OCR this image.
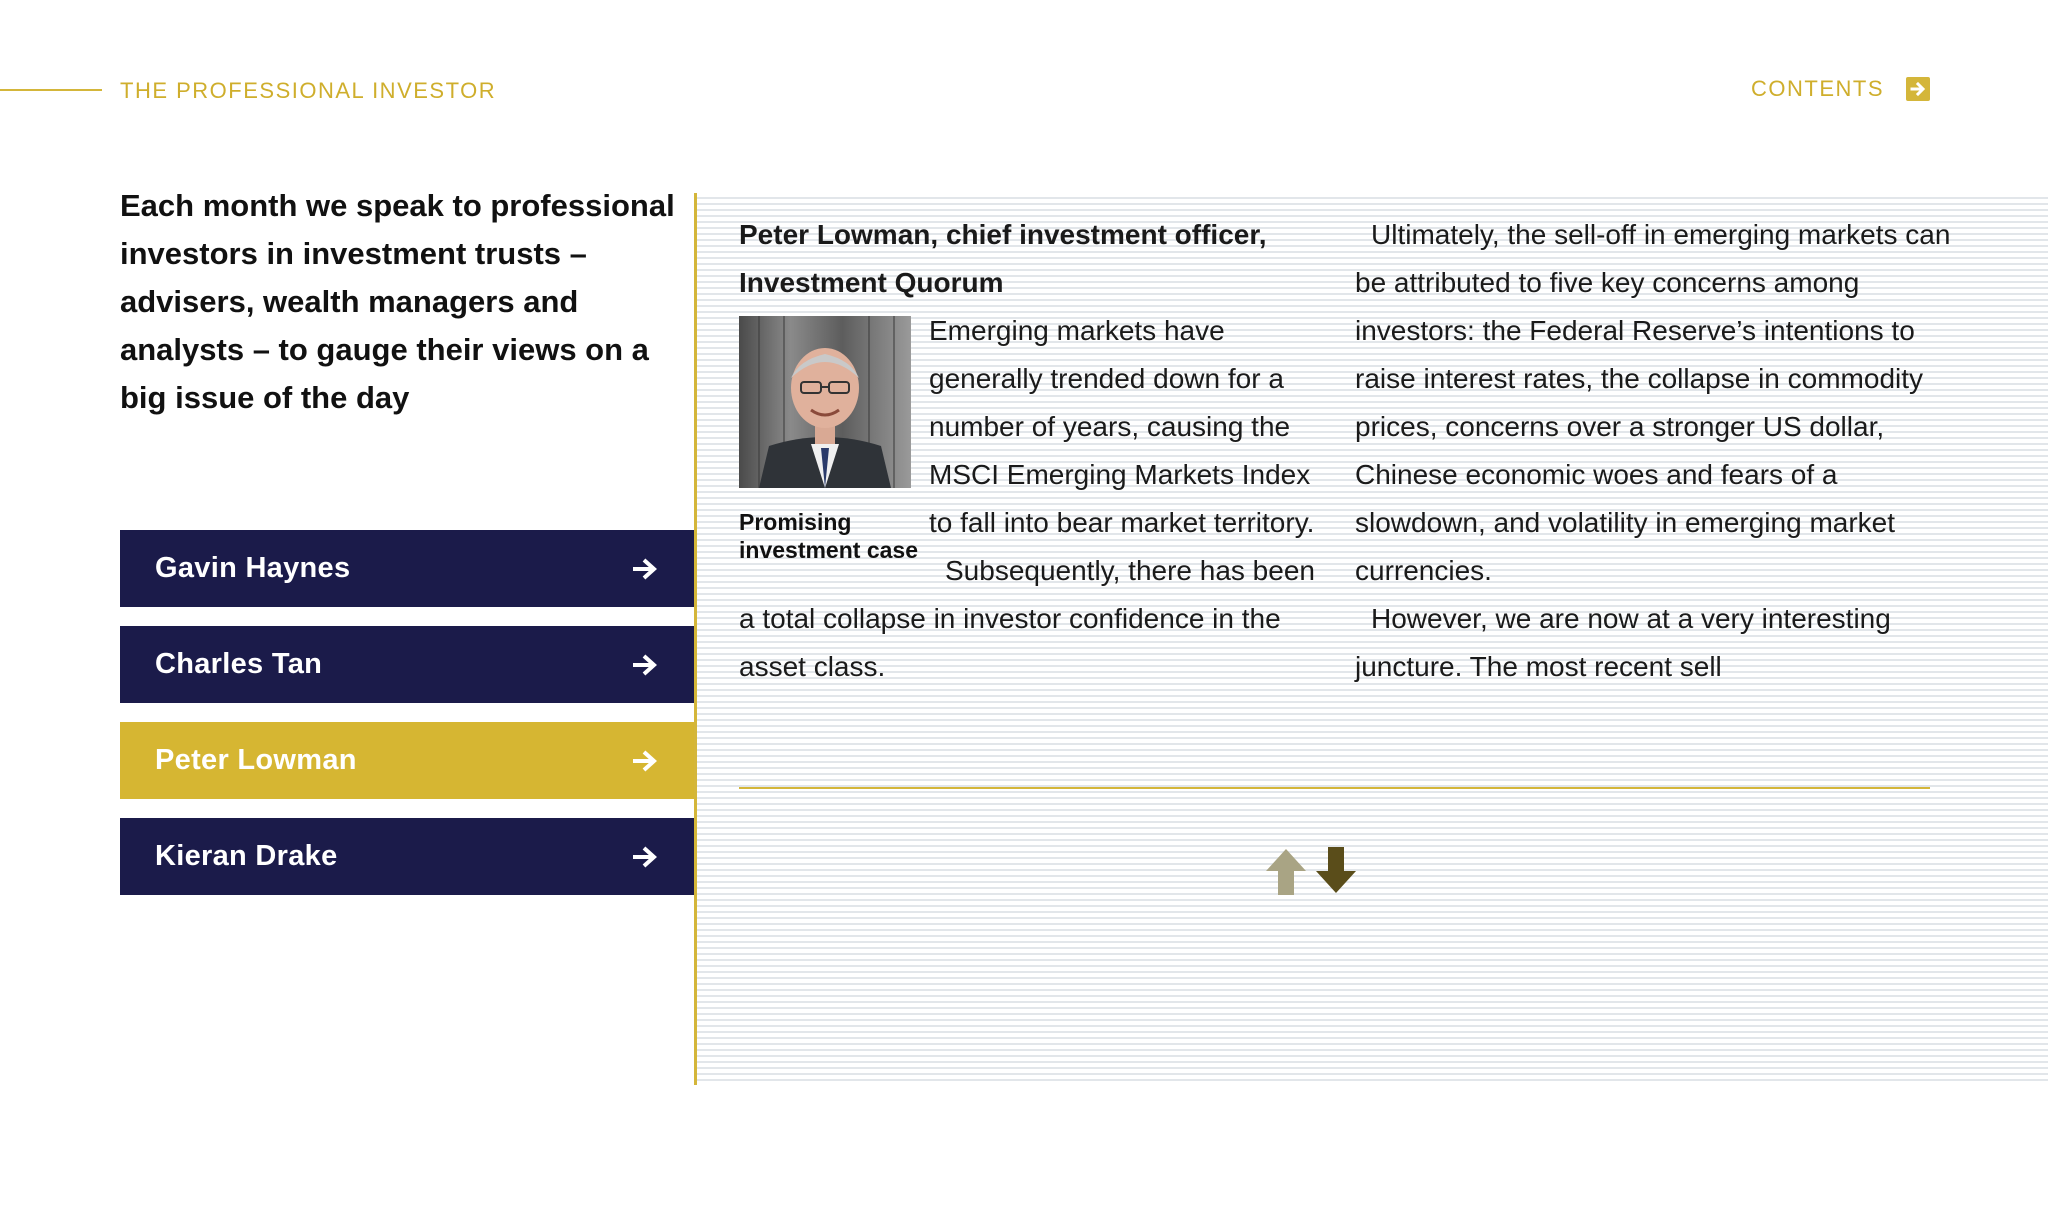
THE PROFESSIONAL INVESTOR	CONTENTS
Each month we speak to professional investors in investment trusts – advisers, wealth managers and analysts – to gauge their views on a big issue of the day
Gavin Haynes
Charles Tan
Peter Lowman
Kieran Drake
Peter Lowman, chief investment officer,
Investment Quorum
Promising investment case
Emerging markets have generally trended down for a number of years, causing the MSCI Emerging Markets Index to fall into bear market territory.
Subsequently, there has been a total collapse in investor confidence in the asset class.
Ultimately, the sell-off in emerging markets can be attributed to five key concerns among investors: the Federal Reserve’s intentions to raise interest rates, the collapse in commodity prices, concerns over a stronger US dollar, Chinese economic woes and fears of a slowdown, and volatility in emerging market currencies.
However, we are now at a very interesting juncture. The most recent sell
